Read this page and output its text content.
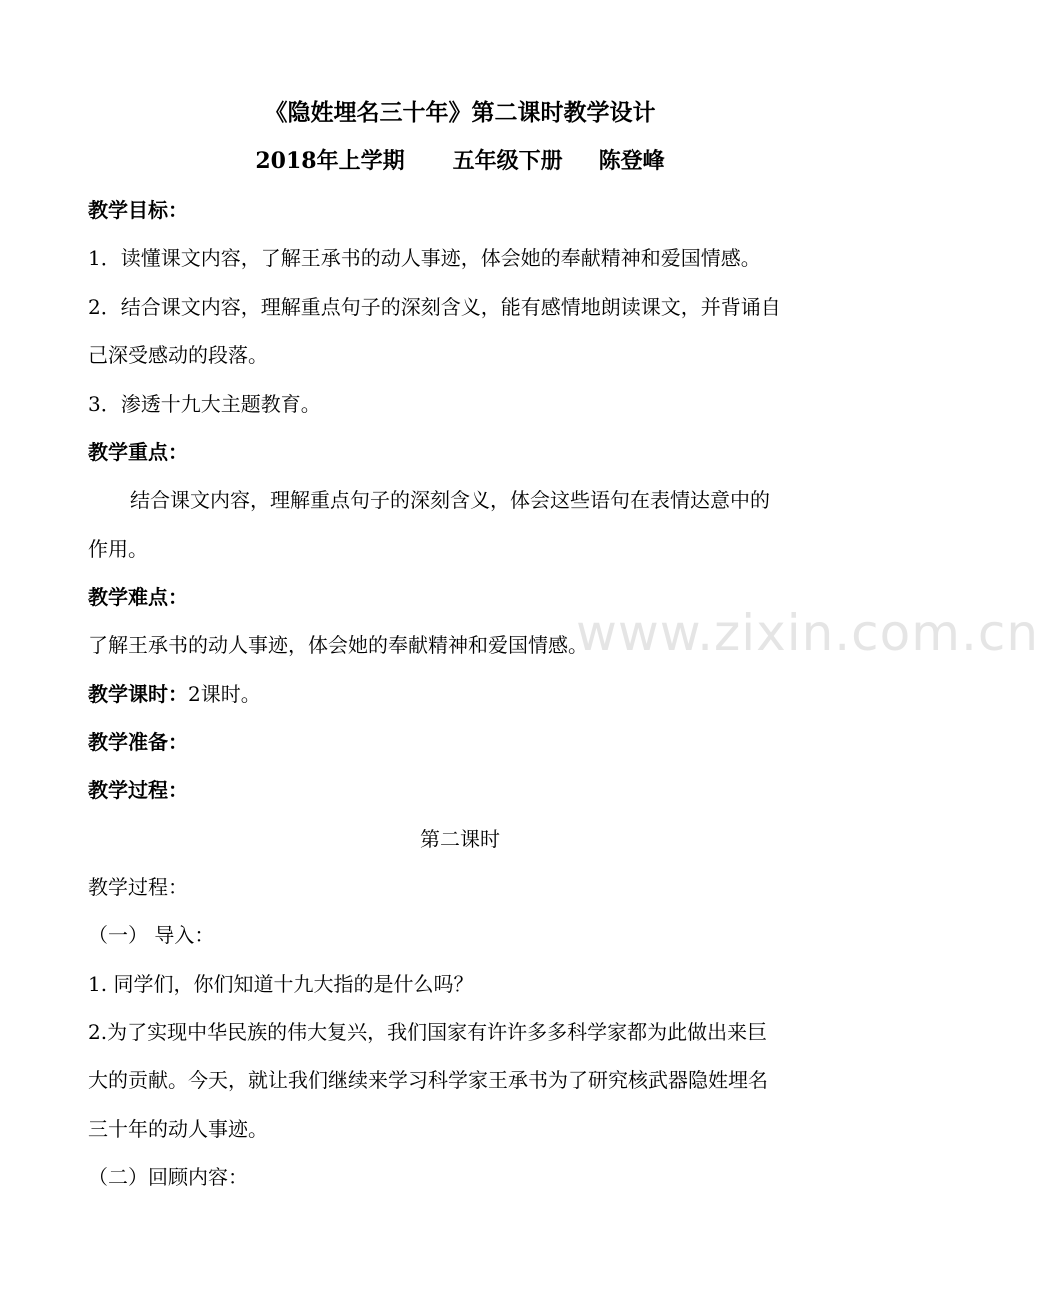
《隐姓埋名三十年》第二课时教学设计
2018年上学期 五年级下册 陈登峰
教学目标：
1．读懂课文内容，了解王承书的动人事迹，体会她的奉献精神和爱国情感。
2．结合课文内容，理解重点句子的深刻含义，能有感情地朗读课文，并背诵自
己深受感动的段落。
3．渗透十九大主题教育。
教学重点：
结合课文内容，理解重点句子的深刻含义，体会这些语句在表情达意中的
作用。
教学难点：
了解王承书的动人事迹，体会她的奉献精神和爱国情感。
教学课时：2课时。
教学准备：
教学过程：
第二课时
教学过程：
（一） 导入：
1. 同学们，你们知道十九大指的是什么吗？
2.为了实现中华民族的伟大复兴，我们国家有许许多多科学家都为此做出来巨
大的贡献。今天，就让我们继续来学习科学家王承书为了研究核武器隐姓埋名
三十年的动人事迹。
（二）回顾内容：
www.zixin.com.cn
